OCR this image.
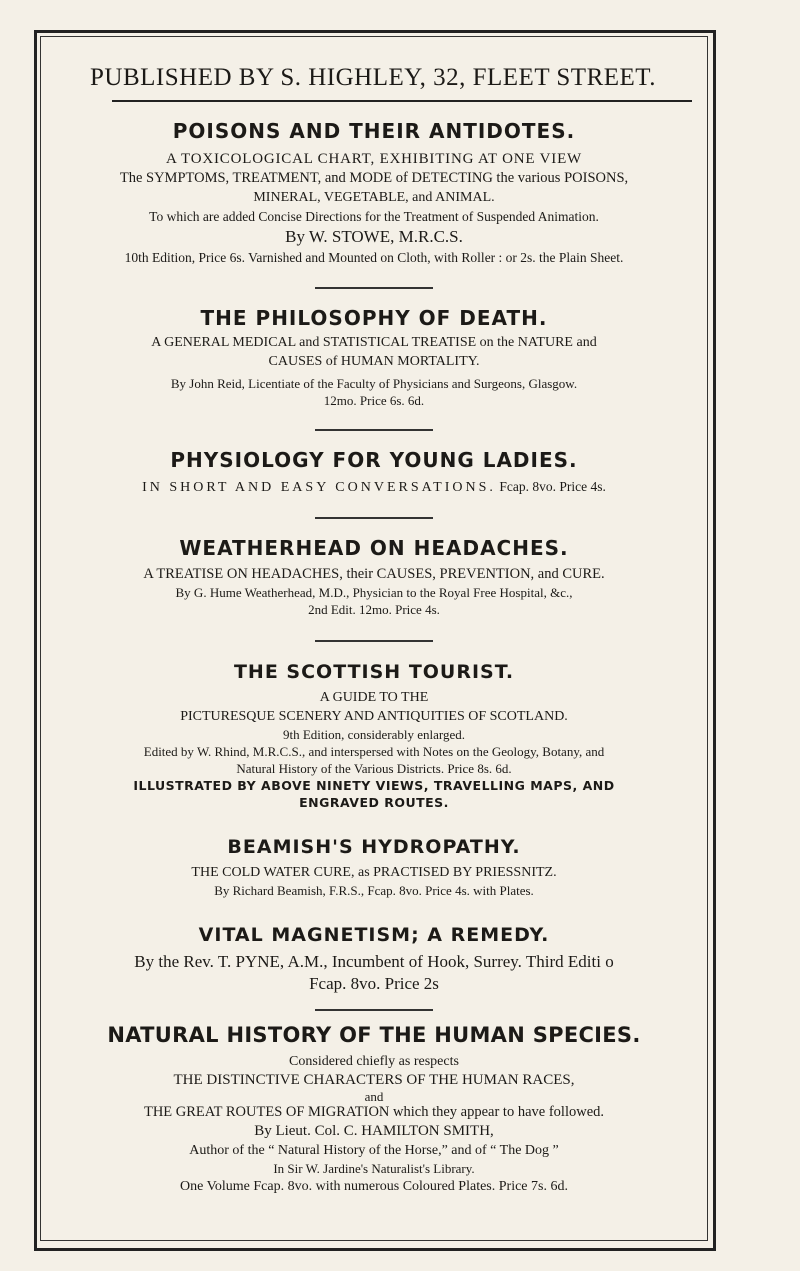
PUBLISHED BY S. HIGHLEY, 32, FLEET STREET.
POISONS AND THEIR ANTIDOTES.

A TOXICOLOGICAL CHART, EXHIBITING AT ONE VIEW

The SYMPTOMS, TREATMENT, and MODE of DETECTING the various POISONS,

MINERAL, VEGETABLE, and ANIMAL.

To which are added Concise Directions for the Treatment of Suspended Animation.

By W. STOWE, M.R.C.S.

10th Edition, Price 6s. Varnished and Mounted on Cloth, with Roller : or 2s. the Plain Sheet.

THE PHILOSOPHY OF DEATH.

A GENERAL MEDICAL and STATISTICAL TREATISE on the NATURE and

CAUSES of HUMAN MORTALITY.

By John Reid, Licentiate of the Faculty of Physicians and Surgeons, Glasgow.

12mo. Price 6s. 6d.

PHYSIOLOGY FOR YOUNG LADIES.

IN SHORT AND EASY CONVERSATIONS. Fcap. 8vo. Price 4s.

WEATHERHEAD ON HEADACHES.

A TREATISE ON HEADACHES, their CAUSES, PREVENTION, and CURE.

By G. Hume Weatherhead, M.D., Physician to the Royal Free Hospital, &c.,

2nd Edit. 12mo. Price 4s.

THE SCOTTISH TOURIST.

A GUIDE TO THE

PICTURESQUE SCENERY AND ANTIQUITIES OF SCOTLAND.

9th Edition, considerably enlarged.

Edited by W. Rhind, M.R.C.S., and interspersed with Notes on the Geology, Botany, and

Natural History of the Various Districts. Price 8s. 6d.

ILLUSTRATED BY ABOVE NINETY VIEWS, TRAVELLING MAPS, AND

ENGRAVED ROUTES.

BEAMISH'S HYDROPATHY.

THE COLD WATER CURE, as PRACTISED BY PRIESSNITZ.

By Richard Beamish, F.R.S., Fcap. 8vo. Price 4s. with Plates.

VITAL MAGNETISM; A REMEDY.

By the Rev. T. PYNE, A.M., Incumbent of Hook, Surrey. Third Editi o

Fcap. 8vo. Price 2s

NATURAL HISTORY OF THE HUMAN SPECIES.

Considered chiefly as respects

THE DISTINCTIVE CHARACTERS OF THE HUMAN RACES,

and

THE GREAT ROUTES OF MIGRATION which they appear to have followed.

By Lieut. Col. C. HAMILTON SMITH,

Author of the “ Natural History of the Horse,” and of “ The Dog ”

In Sir W. Jardine's Naturalist's Library.

One Volume Fcap. 8vo. with numerous Coloured Plates. Price 7s. 6d.
